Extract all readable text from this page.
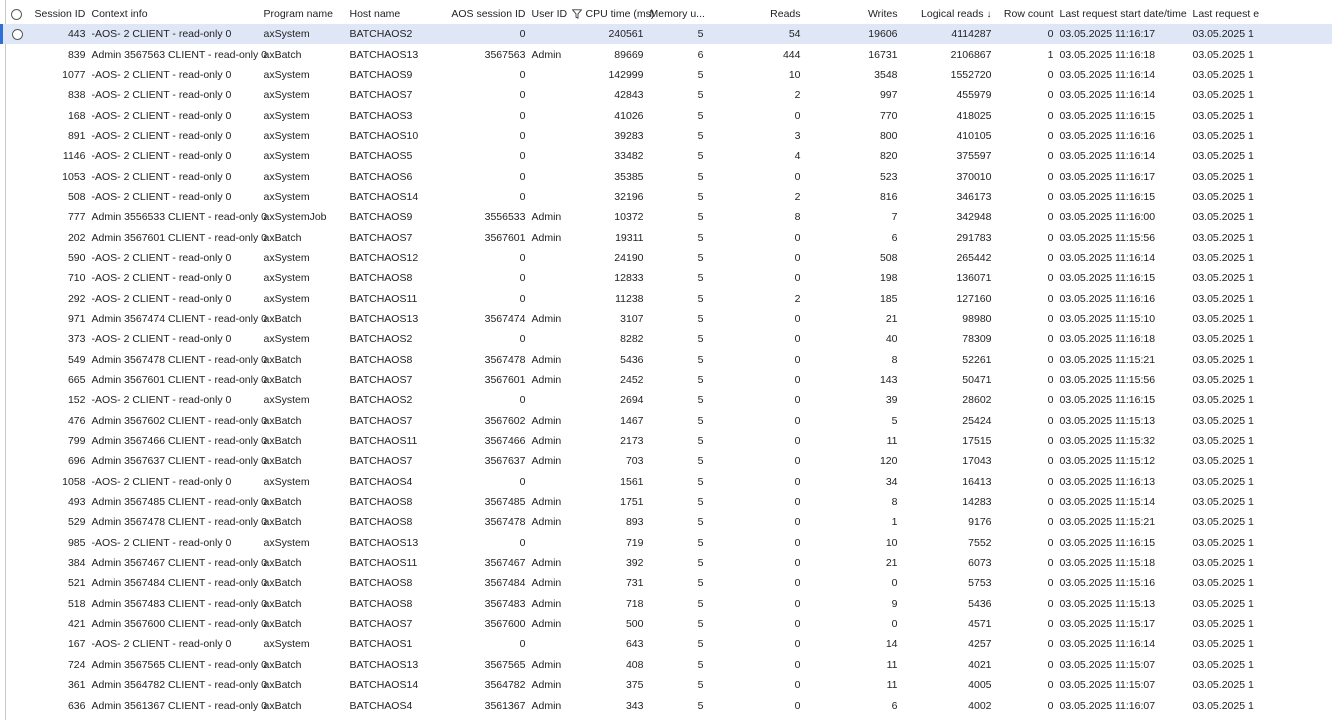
	Session ID	Context info	Program name	Host name	AOS session ID	User ID		CPU time (ms)	Memory u...	Reads	Writes	Logical reads ↓	Row count	Last request start date/time	Last request e
	443	-AOS- 2 CLIENT - read-only 0	axSystem	BATCHAOS2	0			240561	5	54	19606	4114287	0	03.05.2025 11:16:17	03.05.2025 1
	839	Admin 3567563 CLIENT - read-only 0	axBatch	BATCHAOS13	3567563	Admin		89669	6	444	16731	2106867	1	03.05.2025 11:16:18	03.05.2025 1
	1077	-AOS- 2 CLIENT - read-only 0	axSystem	BATCHAOS9	0			142999	5	10	3548	1552720	0	03.05.2025 11:16:14	03.05.2025 1
	838	-AOS- 2 CLIENT - read-only 0	axSystem	BATCHAOS7	0			42843	5	2	997	455979	0	03.05.2025 11:16:14	03.05.2025 1
	168	-AOS- 2 CLIENT - read-only 0	axSystem	BATCHAOS3	0			41026	5	0	770	418025	0	03.05.2025 11:16:15	03.05.2025 1
	891	-AOS- 2 CLIENT - read-only 0	axSystem	BATCHAOS10	0			39283	5	3	800	410105	0	03.05.2025 11:16:16	03.05.2025 1
	1146	-AOS- 2 CLIENT - read-only 0	axSystem	BATCHAOS5	0			33482	5	4	820	375597	0	03.05.2025 11:16:14	03.05.2025 1
	1053	-AOS- 2 CLIENT - read-only 0	axSystem	BATCHAOS6	0			35385	5	0	523	370010	0	03.05.2025 11:16:17	03.05.2025 1
	508	-AOS- 2 CLIENT - read-only 0	axSystem	BATCHAOS14	0			32196	5	2	816	346173	0	03.05.2025 11:16:15	03.05.2025 1
	777	Admin 3556533 CLIENT - read-only 0	axSystemJob	BATCHAOS9	3556533	Admin		10372	5	8	7	342948	0	03.05.2025 11:16:00	03.05.2025 1
	202	Admin 3567601 CLIENT - read-only 0	axBatch	BATCHAOS7	3567601	Admin		19311	5	0	6	291783	0	03.05.2025 11:15:56	03.05.2025 1
	590	-AOS- 2 CLIENT - read-only 0	axSystem	BATCHAOS12	0			24190	5	0	508	265442	0	03.05.2025 11:16:14	03.05.2025 1
	710	-AOS- 2 CLIENT - read-only 0	axSystem	BATCHAOS8	0			12833	5	0	198	136071	0	03.05.2025 11:16:15	03.05.2025 1
	292	-AOS- 2 CLIENT - read-only 0	axSystem	BATCHAOS11	0			11238	5	2	185	127160	0	03.05.2025 11:16:16	03.05.2025 1
	971	Admin 3567474 CLIENT - read-only 0	axBatch	BATCHAOS13	3567474	Admin		3107	5	0	21	98980	0	03.05.2025 11:15:10	03.05.2025 1
	373	-AOS- 2 CLIENT - read-only 0	axSystem	BATCHAOS2	0			8282	5	0	40	78309	0	03.05.2025 11:16:18	03.05.2025 1
	549	Admin 3567478 CLIENT - read-only 0	axBatch	BATCHAOS8	3567478	Admin		5436	5	0	8	52261	0	03.05.2025 11:15:21	03.05.2025 1
	665	Admin 3567601 CLIENT - read-only 0	axBatch	BATCHAOS7	3567601	Admin		2452	5	0	143	50471	0	03.05.2025 11:15:56	03.05.2025 1
	152	-AOS- 2 CLIENT - read-only 0	axSystem	BATCHAOS2	0			2694	5	0	39	28602	0	03.05.2025 11:16:15	03.05.2025 1
	476	Admin 3567602 CLIENT - read-only 0	axBatch	BATCHAOS7	3567602	Admin		1467	5	0	5	25424	0	03.05.2025 11:15:13	03.05.2025 1
	799	Admin 3567466 CLIENT - read-only 0	axBatch	BATCHAOS11	3567466	Admin		2173	5	0	11	17515	0	03.05.2025 11:15:32	03.05.2025 1
	696	Admin 3567637 CLIENT - read-only 0	axBatch	BATCHAOS7	3567637	Admin		703	5	0	120	17043	0	03.05.2025 11:15:12	03.05.2025 1
	1058	-AOS- 2 CLIENT - read-only 0	axSystem	BATCHAOS4	0			1561	5	0	34	16413	0	03.05.2025 11:16:13	03.05.2025 1
	493	Admin 3567485 CLIENT - read-only 0	axBatch	BATCHAOS8	3567485	Admin		1751	5	0	8	14283	0	03.05.2025 11:15:14	03.05.2025 1
	529	Admin 3567478 CLIENT - read-only 0	axBatch	BATCHAOS8	3567478	Admin		893	5	0	1	9176	0	03.05.2025 11:15:21	03.05.2025 1
	985	-AOS- 2 CLIENT - read-only 0	axSystem	BATCHAOS13	0			719	5	0	10	7552	0	03.05.2025 11:16:15	03.05.2025 1
	384	Admin 3567467 CLIENT - read-only 0	axBatch	BATCHAOS11	3567467	Admin		392	5	0	21	6073	0	03.05.2025 11:15:18	03.05.2025 1
	521	Admin 3567484 CLIENT - read-only 0	axBatch	BATCHAOS8	3567484	Admin		731	5	0	0	5753	0	03.05.2025 11:15:16	03.05.2025 1
	518	Admin 3567483 CLIENT - read-only 0	axBatch	BATCHAOS8	3567483	Admin		718	5	0	9	5436	0	03.05.2025 11:15:13	03.05.2025 1
	421	Admin 3567600 CLIENT - read-only 0	axBatch	BATCHAOS7	3567600	Admin		500	5	0	0	4571	0	03.05.2025 11:15:17	03.05.2025 1
	167	-AOS- 2 CLIENT - read-only 0	axSystem	BATCHAOS1	0			643	5	0	14	4257	0	03.05.2025 11:16:14	03.05.2025 1
	724	Admin 3567565 CLIENT - read-only 0	axBatch	BATCHAOS13	3567565	Admin		408	5	0	11	4021	0	03.05.2025 11:15:07	03.05.2025 1
	361	Admin 3564782 CLIENT - read-only 0	axBatch	BATCHAOS14	3564782	Admin		375	5	0	11	4005	0	03.05.2025 11:15:07	03.05.2025 1
	636	Admin 3561367 CLIENT - read-only 0	axBatch	BATCHAOS4	3561367	Admin		343	5	0	6	4002	0	03.05.2025 11:16:07	03.05.2025 1
